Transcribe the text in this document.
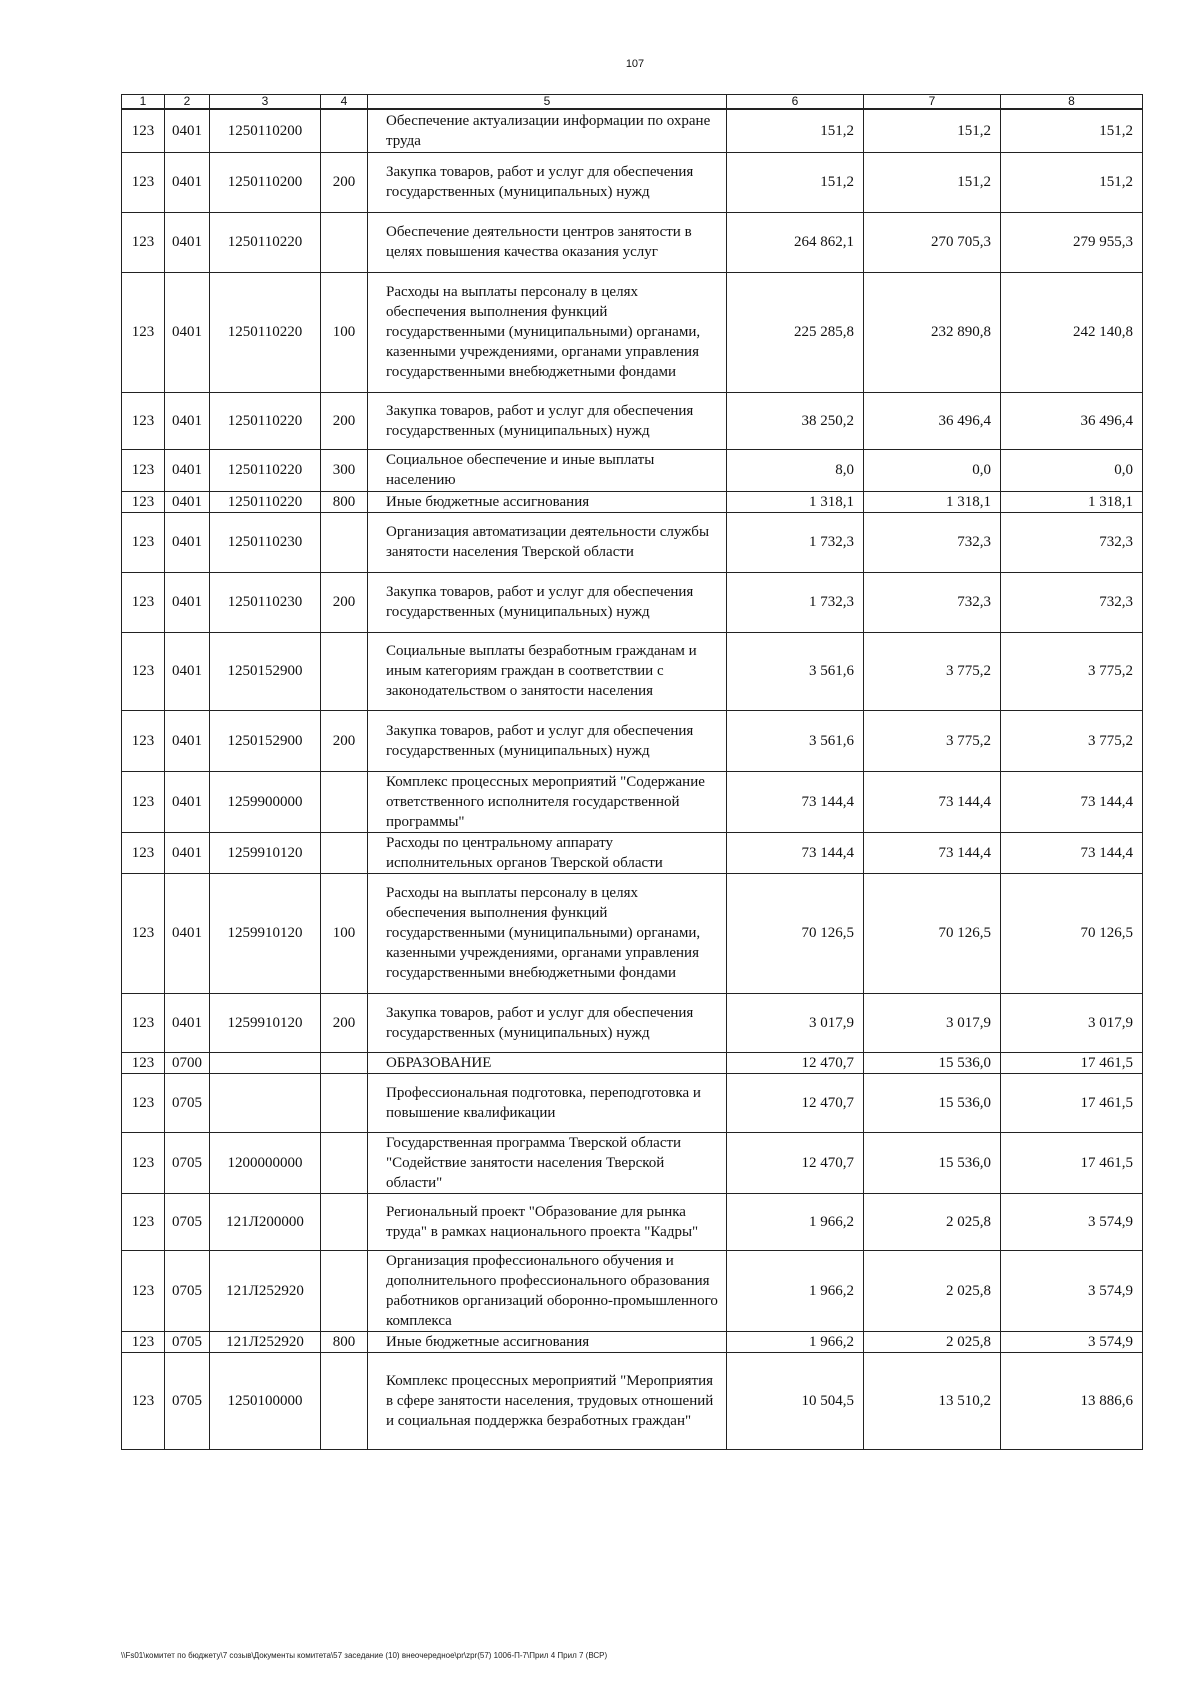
107
1	2	3	4	5	6	7	8
123	0401	1250110200		Обеспечение актуализации информации по охране труда	151,2	151,2	151,2
123	0401	1250110200	200	Закупка товаров, работ и услуг для обеспечения государственных (муниципальных) нужд	151,2	151,2	151,2
123	0401	1250110220		Обеспечение деятельности центров занятости в целях повышения качества оказания услуг	264 862,1	270 705,3	279 955,3
123	0401	1250110220	100	Расходы на выплаты персоналу в целях обеспечения выполнения функций государственными (муниципальными) органами, казенными учреждениями, органами управления государственными внебюджетными фондами	225 285,8	232 890,8	242 140,8
123	0401	1250110220	200	Закупка товаров, работ и услуг для обеспечения государственных (муниципальных) нужд	38 250,2	36 496,4	36 496,4
123	0401	1250110220	300	Социальное обеспечение и иные выплаты населению	8,0	0,0	0,0
123	0401	1250110220	800	Иные бюджетные ассигнования	1 318,1	1 318,1	1 318,1
123	0401	1250110230		Организация автоматизации деятельности службы занятости населения Тверской области	1 732,3	732,3	732,3
123	0401	1250110230	200	Закупка товаров, работ и услуг для обеспечения государственных (муниципальных) нужд	1 732,3	732,3	732,3
123	0401	1250152900		Социальные выплаты безработным гражданам и иным категориям граждан в соответствии с законодательством о занятости населения	3 561,6	3 775,2	3 775,2
123	0401	1250152900	200	Закупка товаров, работ и услуг для обеспечения государственных (муниципальных) нужд	3 561,6	3 775,2	3 775,2
123	0401	1259900000		Комплекс процессных мероприятий "Содержание ответственного исполнителя государственной программы"	73 144,4	73 144,4	73 144,4
123	0401	1259910120		Расходы по центральному аппарату исполнительных органов Тверской области	73 144,4	73 144,4	73 144,4
123	0401	1259910120	100	Расходы на выплаты персоналу в целях обеспечения выполнения функций государственными (муниципальными) органами, казенными учреждениями, органами управления государственными внебюджетными фондами	70 126,5	70 126,5	70 126,5
123	0401	1259910120	200	Закупка товаров, работ и услуг для обеспечения государственных (муниципальных) нужд	3 017,9	3 017,9	3 017,9
123	0700			ОБРАЗОВАНИЕ	12 470,7	15 536,0	17 461,5
123	0705			Профессиональная подготовка, переподготовка и повышение квалификации	12 470,7	15 536,0	17 461,5
123	0705	1200000000		Государственная программа Тверской области "Содействие занятости населения Тверской области"	12 470,7	15 536,0	17 461,5
123	0705	121Л200000		Региональный проект "Образование для рынка труда" в рамках национального проекта "Кадры"	1 966,2	2 025,8	3 574,9
123	0705	121Л252920		Организация профессионального обучения и дополнительного профессионального образования работников организаций оборонно-промышленного комплекса	1 966,2	2 025,8	3 574,9
123	0705	121Л252920	800	Иные бюджетные ассигнования	1 966,2	2 025,8	3 574,9
123	0705	1250100000		Комплекс процессных мероприятий "Мероприятия в сфере занятости населения, трудовых отношений и социальная поддержка безработных граждан"	10 504,5	13 510,2	13 886,6
\\Fs01\комитет по бюджету\7 созыв\Документы комитета\57 заседание (10) внеочередное\pr\zpr(57) 1006-П-7\Прил 4 Прил 7 (ВСР)
